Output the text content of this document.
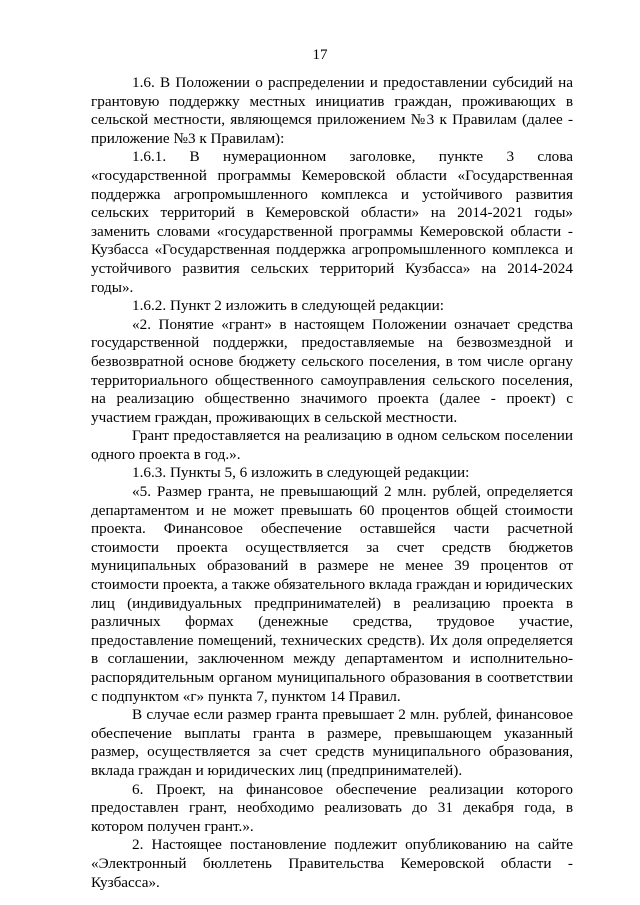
17

1.6. В Положении о распределении и предоставлении субсидий на грантовую поддержку местных инициатив граждан, проживающих в сельской местности, являющемся приложением №3 к Правилам (далее - приложение №3 к Правилам):

1.6.1. В нумерационном заголовке, пункте 3 слова «государственной программы Кемеровской области «Государственная поддержка агропромышленного комплекса и устойчивого развития сельских территорий в Кемеровской области» на 2014-2021 годы» заменить словами «государственной программы Кемеровской области - Кузбасса «Государственная поддержка агропромышленного комплекса и устойчивого развития сельских территорий Кузбасса» на 2014-2024 годы».

1.6.2. Пункт 2 изложить в следующей редакции:

«2. Понятие «грант» в настоящем Положении означает средства государственной поддержки, предоставляемые на безвозмездной и безвозвратной основе бюджету сельского поселения, в том числе органу территориального общественного самоуправления сельского поселения, на реализацию общественно значимого проекта (далее - проект) с участием граждан, проживающих в сельской местности.

Грант предоставляется на реализацию в одном сельском поселении одного проекта в год.».

1.6.3. Пункты 5, 6 изложить в следующей редакции:

«5. Размер гранта, не превышающий 2 млн. рублей, определяется департаментом и не может превышать 60 процентов общей стоимости проекта. Финансовое обеспечение оставшейся части расчетной стоимости проекта осуществляется за счет средств бюджетов муниципальных образований в размере не менее 39 процентов от стоимости проекта, а также обязательного вклада граждан и юридических лиц (индивидуальных предпринимателей) в реализацию проекта в различных формах (денежные средства, трудовое участие, предоставление помещений, технических средств). Их доля определяется в соглашении, заключенном между департаментом и исполнительно-распорядительным органом муниципального образования в соответствии с подпунктом «г» пункта 7, пунктом 14 Правил.

В случае если размер гранта превышает 2 млн. рублей, финансовое обеспечение выплаты гранта в размере, превышающем указанный размер, осуществляется за счет средств муниципального образования, вклада граждан и юридических лиц (предпринимателей).

6. Проект, на финансовое обеспечение реализации которого предоставлен грант, необходимо реализовать до 31 декабря года, в котором получен грант.».

2. Настоящее постановление подлежит опубликованию на сайте «Электронный бюллетень Правительства Кемеровской области - Кузбасса».
